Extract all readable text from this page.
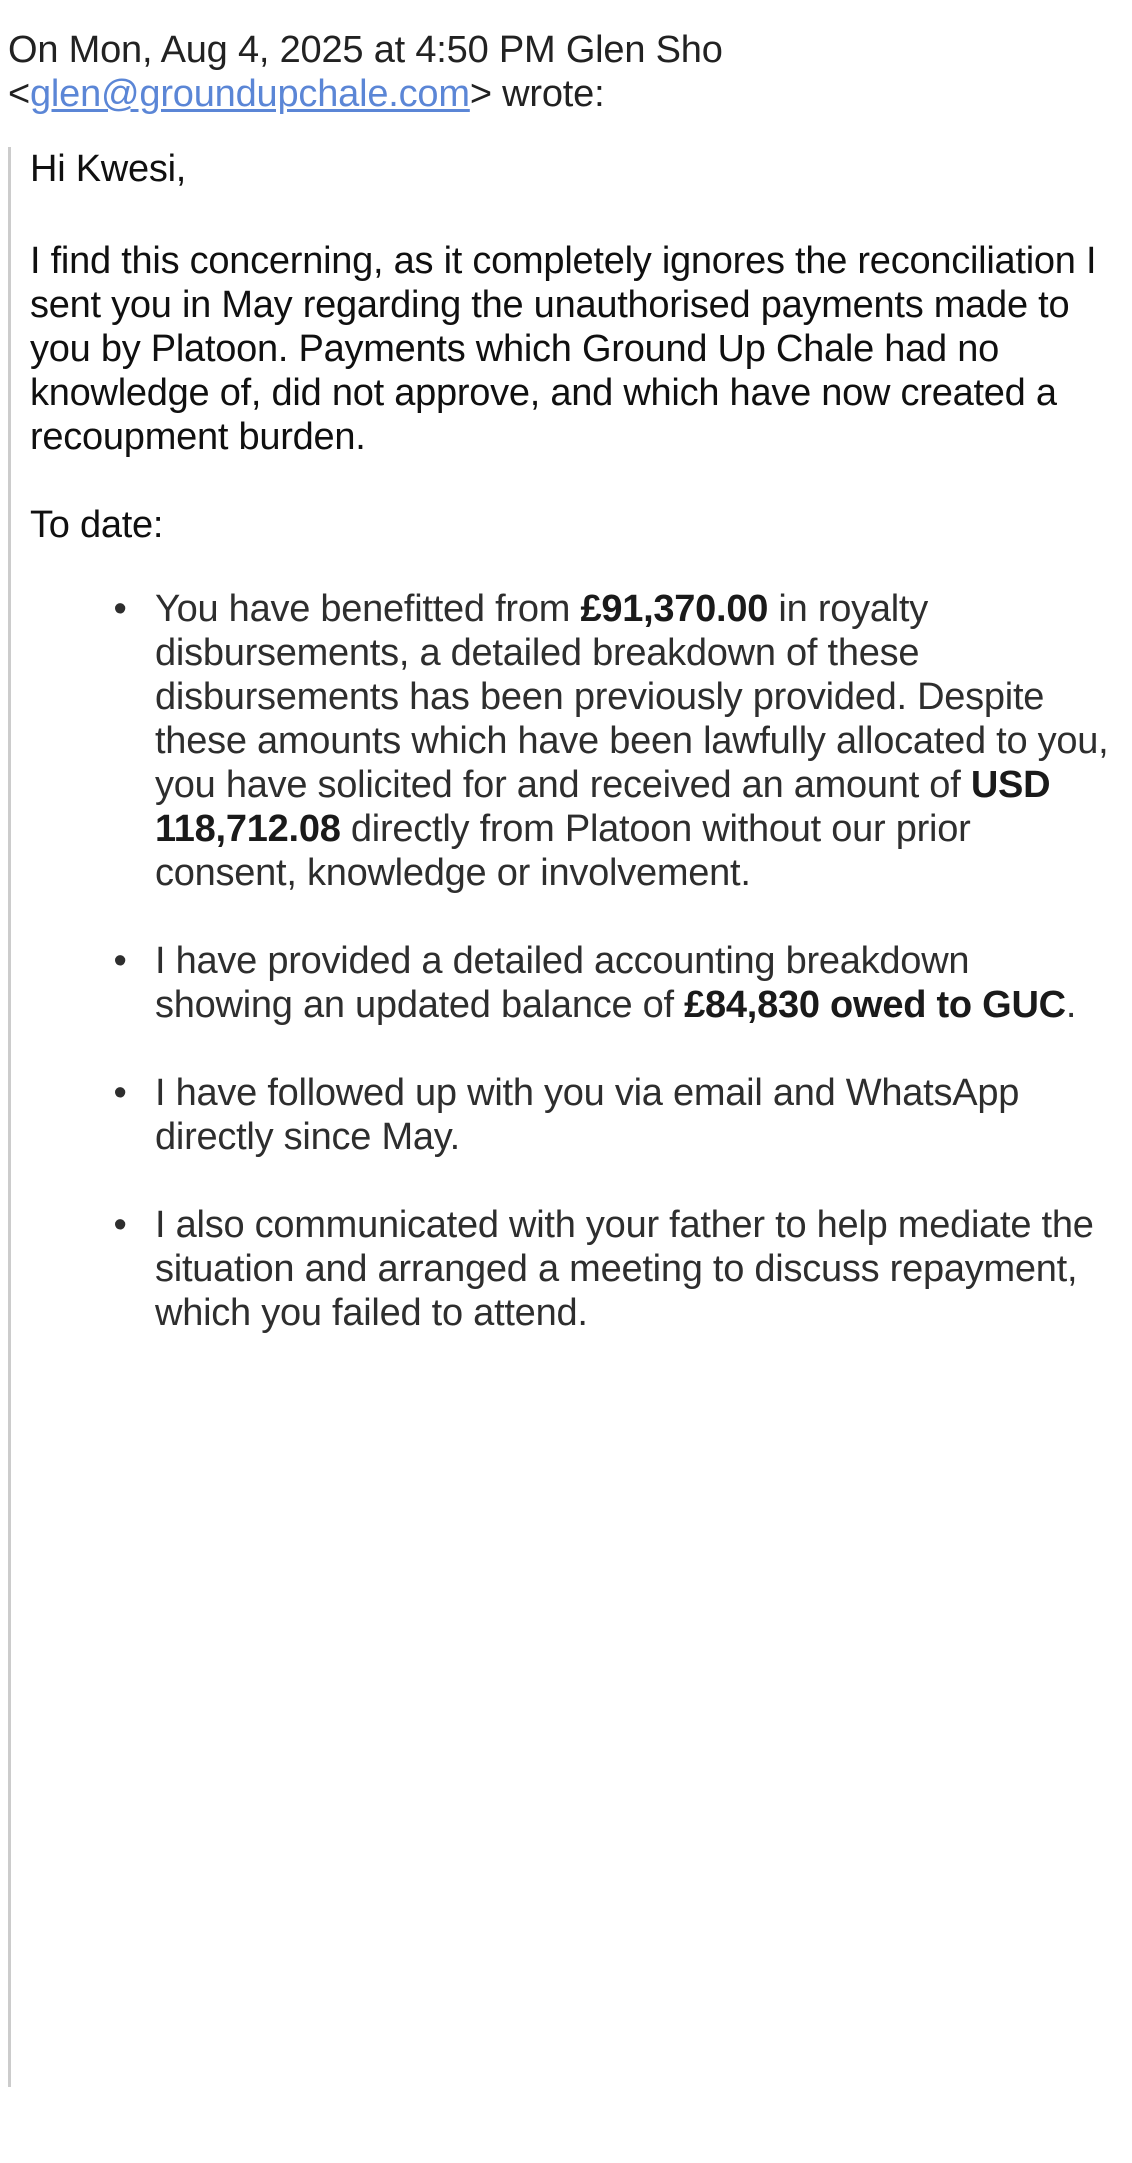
On Mon, Aug 4, 2025 at 4:50 PM Glen Sho <glen@groundupchale.com> wrote:

Hi Kwesi,

I find this concerning, as it completely ignores the reconciliation I sent you in May regarding the unauthorised payments made to you by Platoon. Payments which Ground Up Chale had no knowledge of, did not approve, and which have now created a recoupment burden.

To date:

• You have benefitted from £91,370.00 in royalty disbursements, a detailed breakdown of these disbursements has been previously provided. Despite these amounts which have been lawfully allocated to you, you have solicited for and received an amount of USD 118,712.08 directly from Platoon without our prior consent, knowledge or involvement.
• I have provided a detailed accounting breakdown showing an updated balance of £84,830 owed to GUC.
• I have followed up with you via email and WhatsApp directly since May.
• I also communicated with your father to help mediate the situation and arranged a meeting to discuss repayment, which you failed to attend.
